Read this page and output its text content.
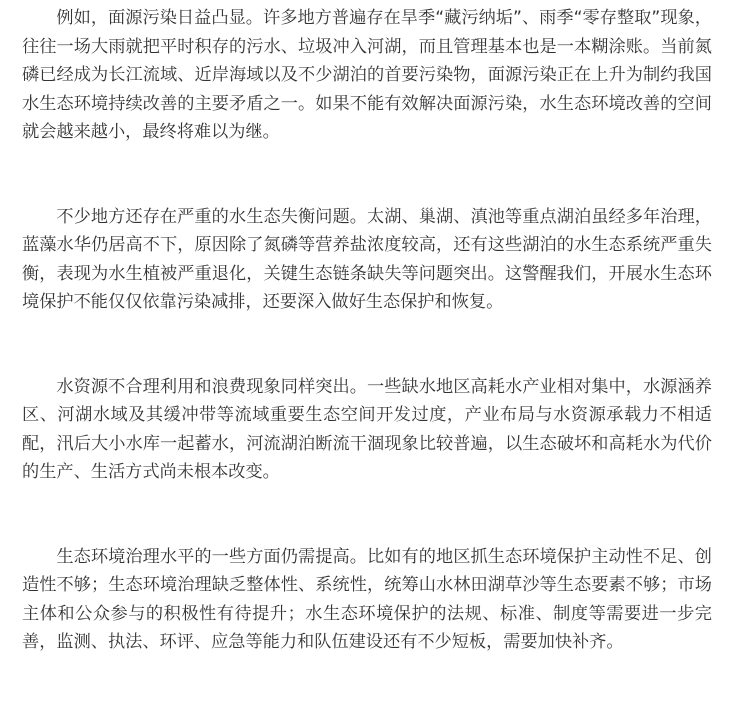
例如，面源污染日益凸显。许多地方普遍存在旱季“藏污纳垢”、雨季“零存整取”现象，往往一场大雨就把平时积存的污水、垃圾冲入河湖，而且管理基本也是一本糊涂账。当前氮磷已经成为长江流域、近岸海域以及不少湖泊的首要污染物，面源污染正在上升为制约我国水生态环境持续改善的主要矛盾之一。如果不能有效解决面源污染，水生态环境改善的空间就会越来越小，最终将难以为继。

不少地方还存在严重的水生态失衡问题。太湖、巢湖、滇池等重点湖泊虽经多年治理，蓝藻水华仍居高不下，原因除了氮磷等营养盐浓度较高，还有这些湖泊的水生态系统严重失衡，表现为水生植被严重退化，关键生态链条缺失等问题突出。这警醒我们，开展水生态环境保护不能仅仅依靠污染减排，还要深入做好生态保护和恢复。

水资源不合理利用和浪费现象同样突出。一些缺水地区高耗水产业相对集中，水源涵养区、河湖水域及其缓冲带等流域重要生态空间开发过度，产业布局与水资源承载力不相适配，汛后大小水库一起蓄水，河流湖泊断流干涸现象比较普遍，以生态破坏和高耗水为代价的生产、生活方式尚未根本改变。

生态环境治理水平的一些方面仍需提高。比如有的地区抓生态环境保护主动性不足、创造性不够；生态环境治理缺乏整体性、系统性，统筹山水林田湖草沙等生态要素不够；市场主体和公众参与的积极性有待提升；水生态环境保护的法规、标准、制度等需要进一步完善，监测、执法、环评、应急等能力和队伍建设还有不少短板，需要加快补齐。
